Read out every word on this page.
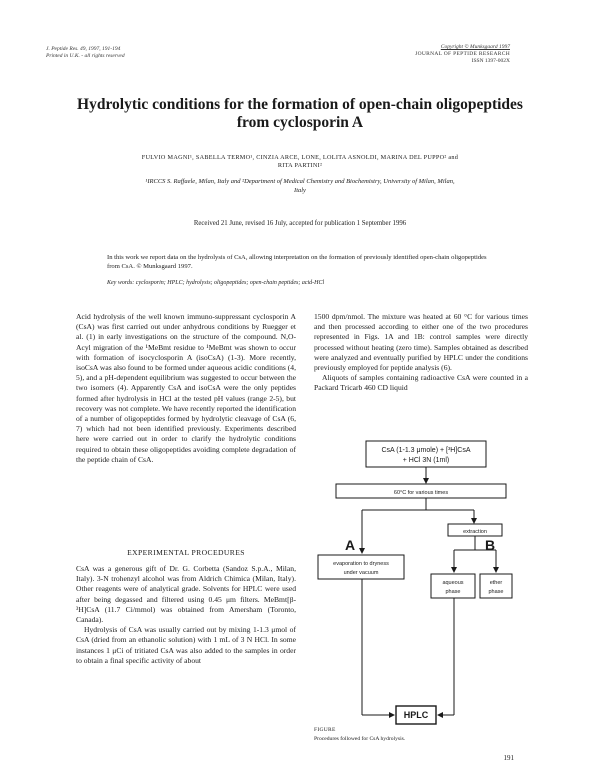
J. Peptide Res. 49, 1997, 191-194
Printed in U.K. - all rights reserved
Copyright © Munksgaard 1997
JOURNAL OF PEPTIDE RESEARCH
ISSN 1397-002X
Hydrolytic conditions for the formation of open-chain oligopeptides
from cyclosporin A
FULVIO MAGNI¹, SABELLA TERMO¹, CINZIA ARCE, LONE, LOLITA ASNOLDI, MARINA DEL PUPPO² and
RITA PARTINI²
¹IRCCS S. Raffaele, Milan, Italy and ²Department of Medical Chemistry and Biochemistry, University of Milan, Milan,
Italy
Received 21 June, revised 16 July, accepted for publication 1 September 1996
In this work we report data on the hydrolysis of CsA, allowing interpretation on the formation of previously identified open-chain oligopeptides from CsA. © Munksgaard 1997.
Key words: cyclosporin; HPLC; hydrolysis; oligopeptides; open-chain peptides; acid-HCl

Acid hydrolysis of the well known immuno-suppressant cyclosporin A (CsA) was first carried out under anhydrous conditions by Ruegger et al. (1) in early investigations on the structure of the compound. N,O-Acyl migration of the ¹MeBmt residue to ¹MeBmt was shown to occur with formation of isocyclosporin A (isoCsA) (1-3). More recently, isoCsA was also found to be formed under aqueous acidic conditions (4, 5), and a pH-dependent equilibrium was suggested to occur between the two isomers (4). Apparently CsA and isoCsA were the only peptides formed after hydrolysis in HCl at the tested pH values (range 2-5), but recovery was not complete. We have recently reported the identification of a number of oligopeptides formed by hydrolytic cleavage of CsA (6, 7) which had not been identified previously. Experiments described here were carried out in order to clarify the hydrolytic conditions required to obtain these oligopeptides avoiding complete degradation of the peptide chain of CsA.

EXPERIMENTAL PROCEDURES

CsA was a generous gift of Dr. G. Corbetta (Sandoz S.p.A., Milan, Italy). 3-N trohenzyl alcohol was from Aldrich Chimica (Milan, Italy). Other reagents were of analytical grade. Solvents for HPLC were used after being degassed and filtered using 0.45 μm filters. MeBmt[β-³H]CsA (11.7 Ci/mmol) was obtained from Amersham (Toronto, Canada).

Hydrolysis of CsA was usually carried out by mixing 1-1.3 μmol of CsA (dried from an ethanolic solution) with 1 mL of 3 N HCl. In some instances 1 μCi of tritiated CsA was also added to the samples in order to obtain a final specific activity of about

1500 dpm/nmol. The mixture was heated at 60 °C for various times and then processed according to either one of the two procedures represented in Figs. 1A and 1B: control samples were directly processed without heating (zero time). Samples obtained as described were analyzed and eventually purified by HPLC under the conditions previously employed for peptide analysis (6).

Aliquots of samples containing radioactive CsA were counted in a Packard Tricarb 460 CD liquid

CsA (1-1.3 μmole) + [³H]CsA
+ HCl 3N (1ml)
60°C for various times
A	B
evaporation to dryness
under vacuum
extraction
aqueous
phase
ether
phase
HPLC
FIGURE
Procedures followed for CsA hydrolysis.
191
